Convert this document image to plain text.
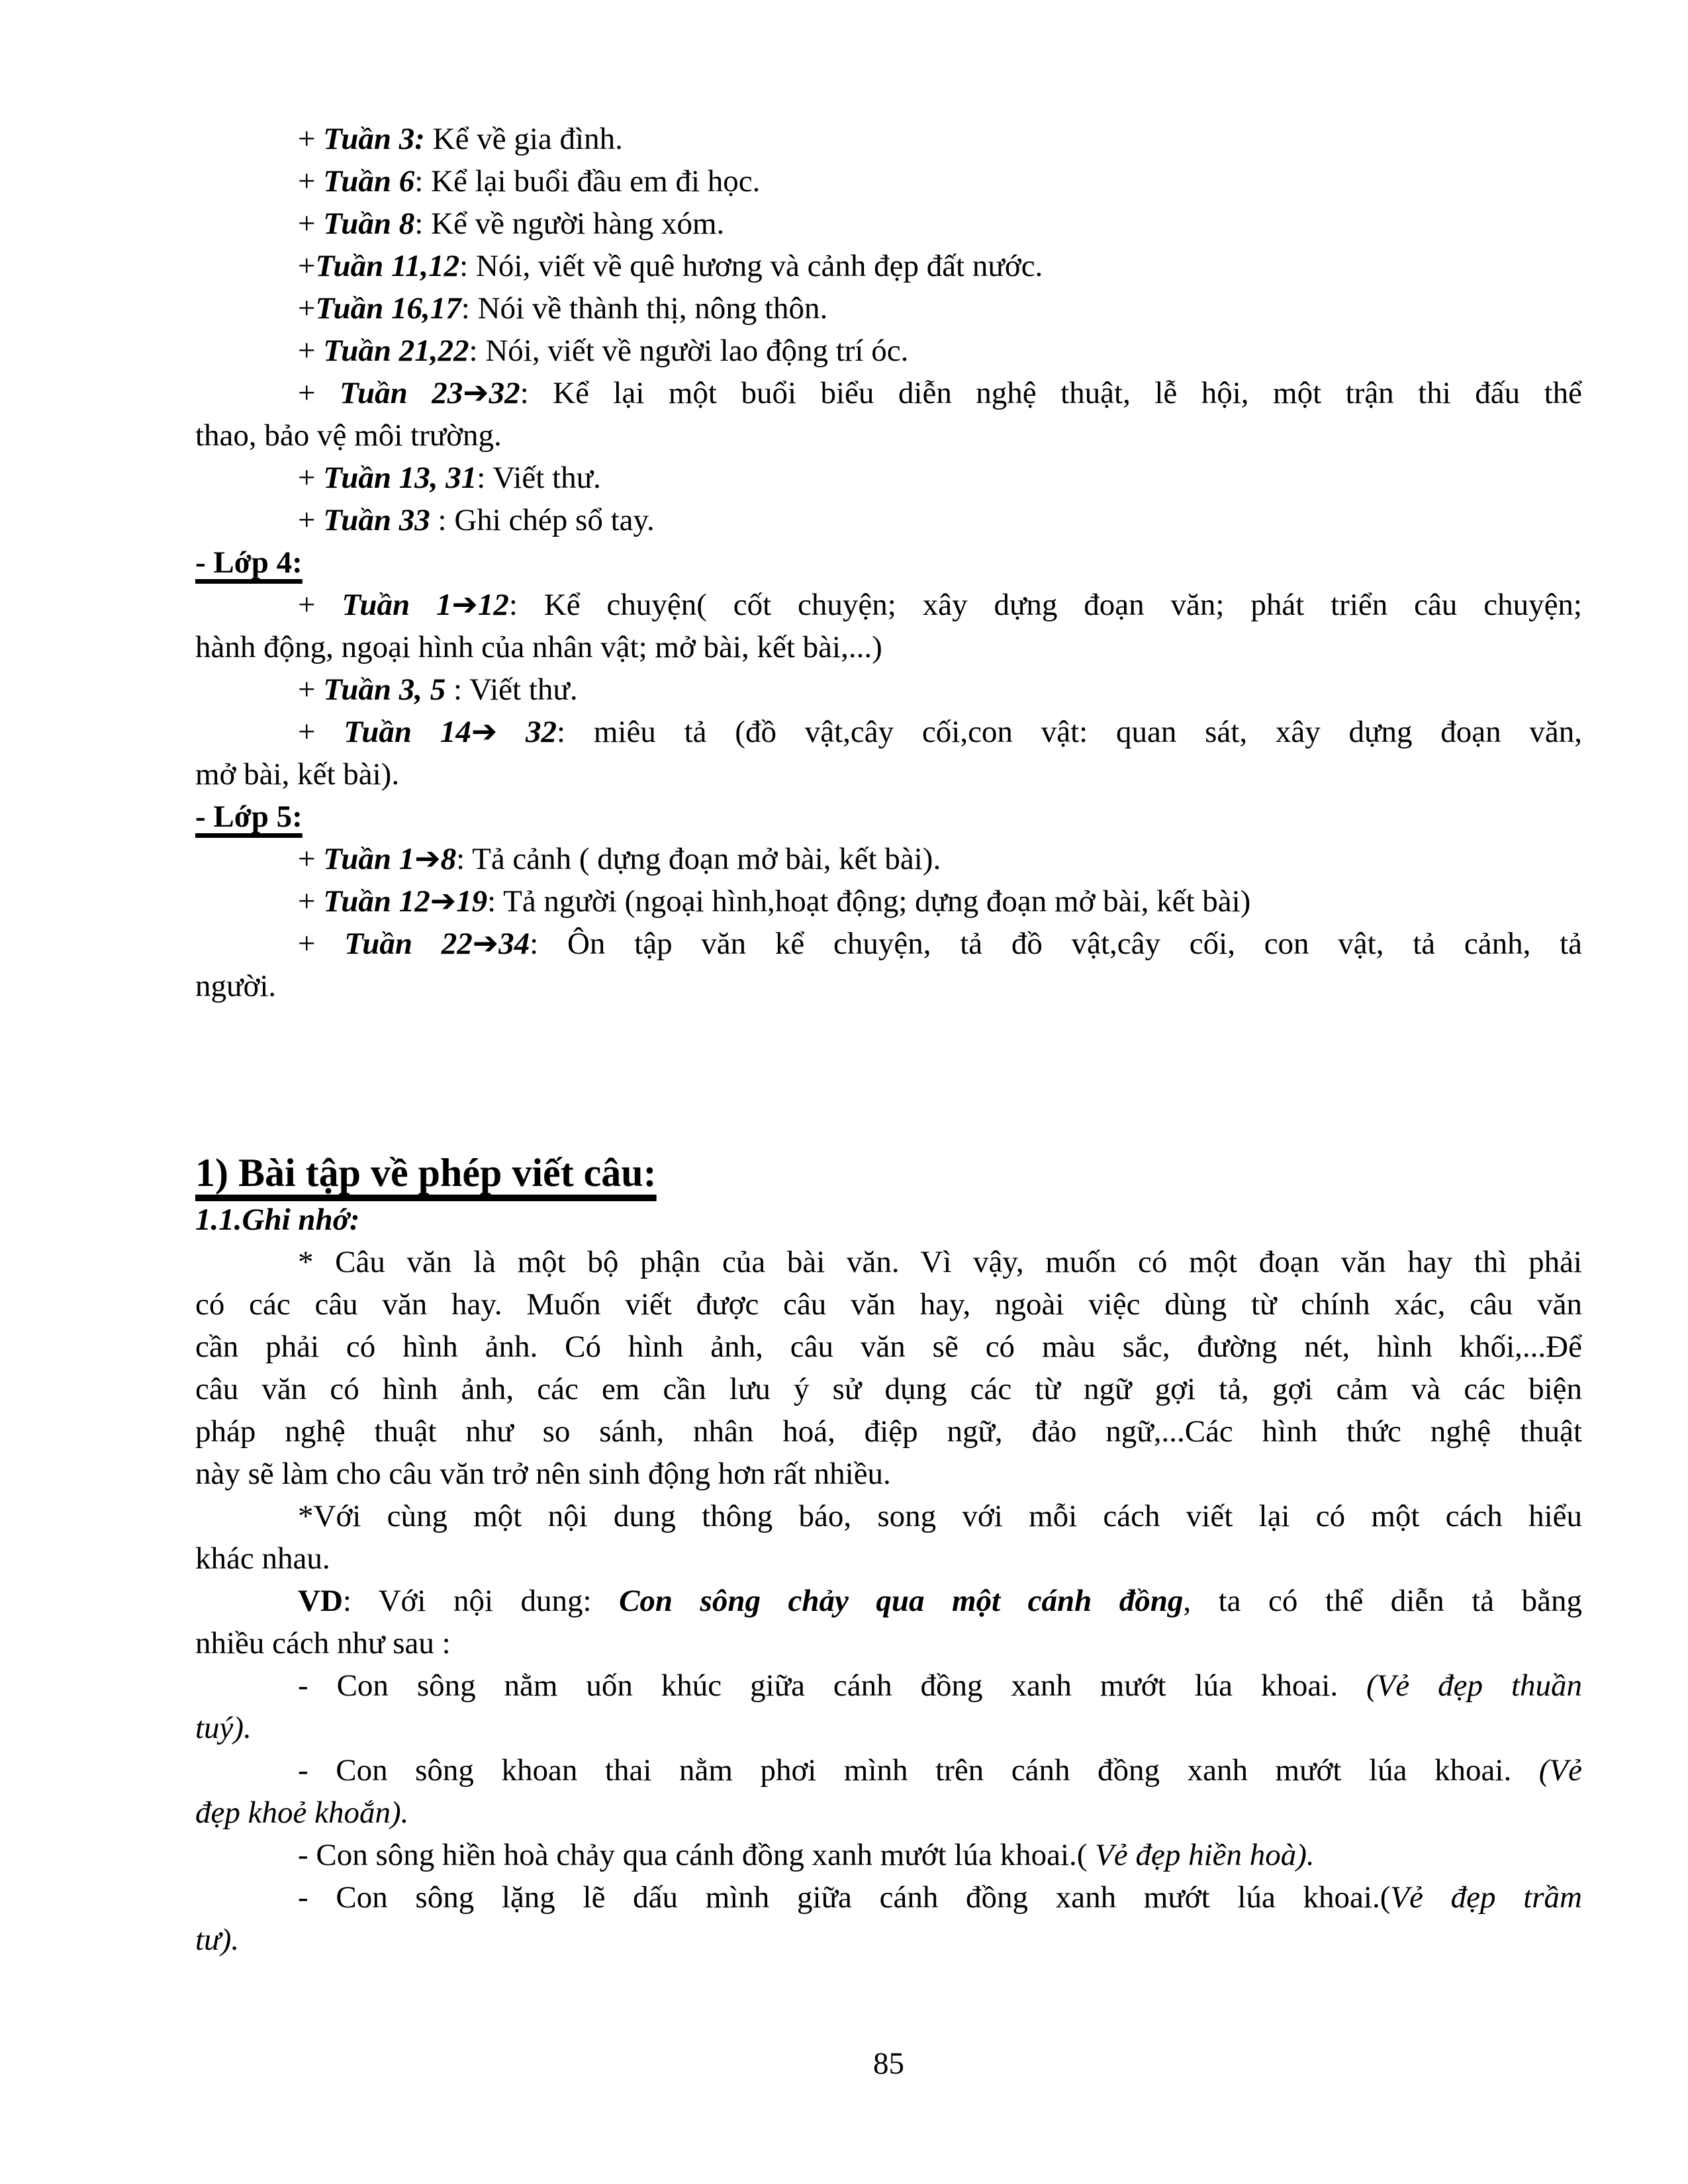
+ Tuần 3: Kể về gia đình.
+ Tuần 6: Kể lại buổi đầu em đi học.
+ Tuần 8: Kể về người hàng xóm.
+Tuần 11,12: Nói, viết về quê hương và cảnh đẹp đất nước.
+Tuần 16,17: Nói về thành thị, nông thôn.
+ Tuần 21,22: Nói, viết về người lao động trí óc.
+ Tuần 23➔32: Kể lại một buổi biểu diễn nghệ thuật, lễ hội, một trận thi đấu thể
thao, bảo vệ môi trường.
+ Tuần 13, 31: Viết thư.
+ Tuần 33 : Ghi chép sổ tay.
- Lớp 4:
+ Tuần 1➔12: Kể chuyện( cốt chuyện; xây dựng đoạn văn; phát triển câu chuyện;
hành động, ngoại hình của nhân vật; mở bài, kết bài,...)
+ Tuần 3, 5 : Viết thư.
+ Tuần 14➔ 32: miêu tả (đồ vật,cây cối,con vật: quan sát, xây dựng đoạn văn,
mở bài, kết bài).
- Lớp 5:
+ Tuần 1➔8: Tả cảnh ( dựng đoạn mở bài, kết bài).
+ Tuần 12➔19: Tả người (ngoại hình,hoạt động; dựng đoạn mở bài, kết bài)
+ Tuần 22➔34: Ôn tập văn kể chuyện, tả đồ vật,cây cối, con vật, tả cảnh, tả
người.
1) Bài tập về phép viết câu:
1.1.Ghi nhớ:
* Câu văn là một bộ phận của bài văn. Vì vậy, muốn có một đoạn văn hay thì phải
có các câu văn hay. Muốn viết được câu văn hay, ngoài việc dùng từ chính xác, câu văn
cần phải có hình ảnh. Có hình ảnh, câu văn sẽ có màu sắc, đường nét, hình khối,...Để
câu văn có hình ảnh, các em cần lưu ý sử dụng các từ ngữ gợi tả, gợi cảm và các biện
pháp nghệ thuật như so sánh, nhân hoá, điệp ngữ, đảo ngữ,...Các hình thức nghệ thuật
này sẽ làm cho câu văn trở nên sinh động hơn rất nhiều.
*Với cùng một nội dung thông báo, song với mỗi cách viết lại có một cách hiểu
khác nhau.
VD: Với nội dung: Con sông chảy qua một cánh đồng, ta có thể diễn tả bằng
nhiều cách như sau :
- Con sông nằm uốn khúc giữa cánh đồng xanh mướt lúa khoai. (Vẻ đẹp thuần
tuý).
- Con sông khoan thai nằm phơi mình trên cánh đồng xanh mướt lúa khoai. (Vẻ
đẹp khoẻ khoắn).
- Con sông hiền hoà chảy qua cánh đồng xanh mướt lúa khoai.( Vẻ đẹp hiền hoà).
- Con sông lặng lẽ dấu mình giữa cánh đồng xanh mướt lúa khoai.(Vẻ đẹp trầm
tư).
85
